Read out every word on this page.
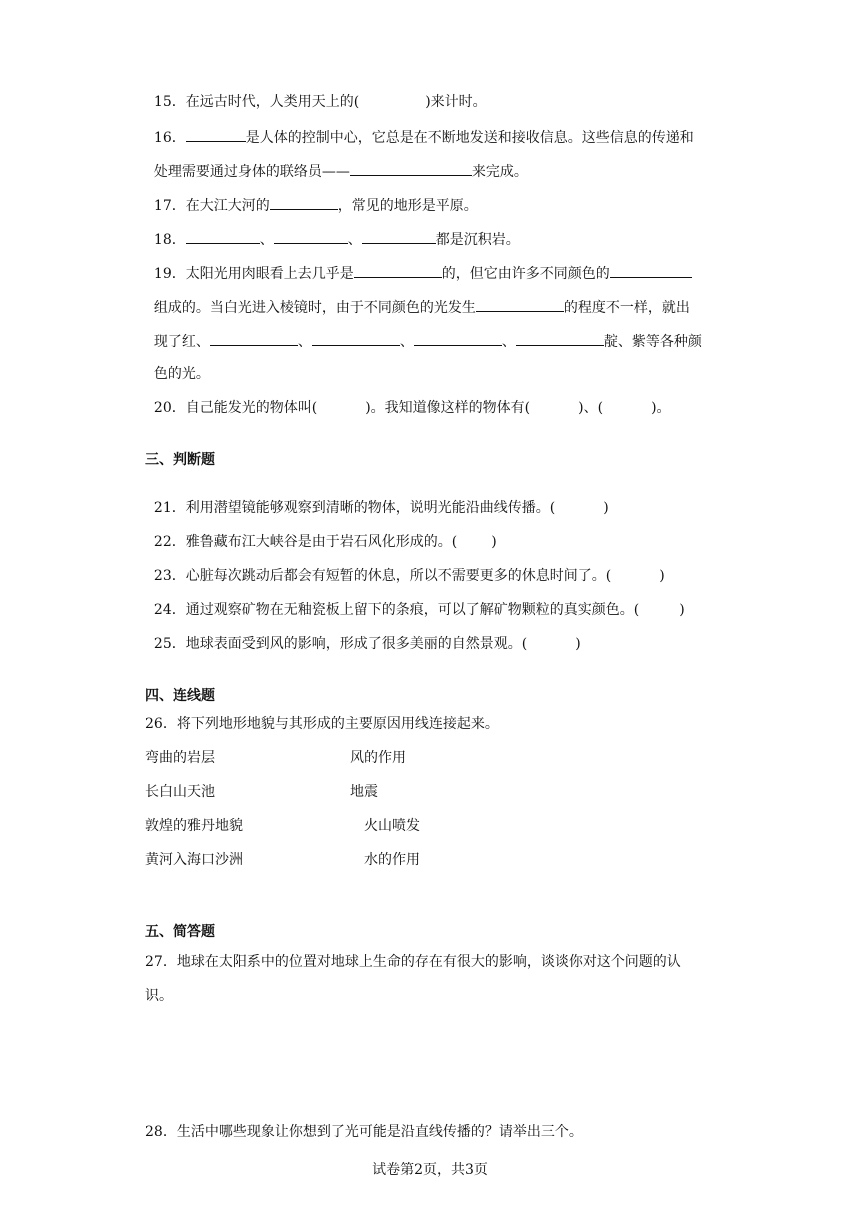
15．在远古时代，人类用天上的(	)来计时。

16．	是人体的控制中心，它总是在不断地发送和接收信息。这些信息的传递和

处理需要通过身体的联络员——	来完成。

17．在大江大河的	，常见的地形是平原。

18．	、	、	都是沉积岩。

19．太阳光用肉眼看上去几乎是	的，但它由许多不同颜色的

组成的。当白光进入棱镜时，由于不同颜色的光发生	的程度不一样，就出

现了红、	、	、	、	靛、紫等各种颜

色的光。

20．自己能发光的物体叫(	)。我知道像这样的物体有(	)、(	)。

三、判断题

21．利用潜望镜能够观察到清晰的物体，说明光能沿曲线传播。(	)

22．雅鲁藏布江大峡谷是由于岩石风化形成的。( )

23．心脏每次跳动后都会有短暂的休息，所以不需要更多的休息时间了。(	)

24．通过观察矿物在无釉瓷板上留下的条痕，可以了解矿物颗粒的真实颜色。(	)

25．地球表面受到风的影响，形成了很多美丽的自然景观。(	)

四、连线题
26．将下列地形地貌与其形成的主要原因用线连接起来。
弯曲的岩层
长白山天池
敦煌的雅丹地貌
黄河入海口沙洲
风的作用
地震
火山喷发
水的作用
五、简答题
27．地球在太阳系中的位置对地球上生命的存在有很大的影响，谈谈你对这个问题的认
识。
28．生活中哪些现象让你想到了光可能是沿直线传播的？请举出三个。
试卷第2页，共3页
